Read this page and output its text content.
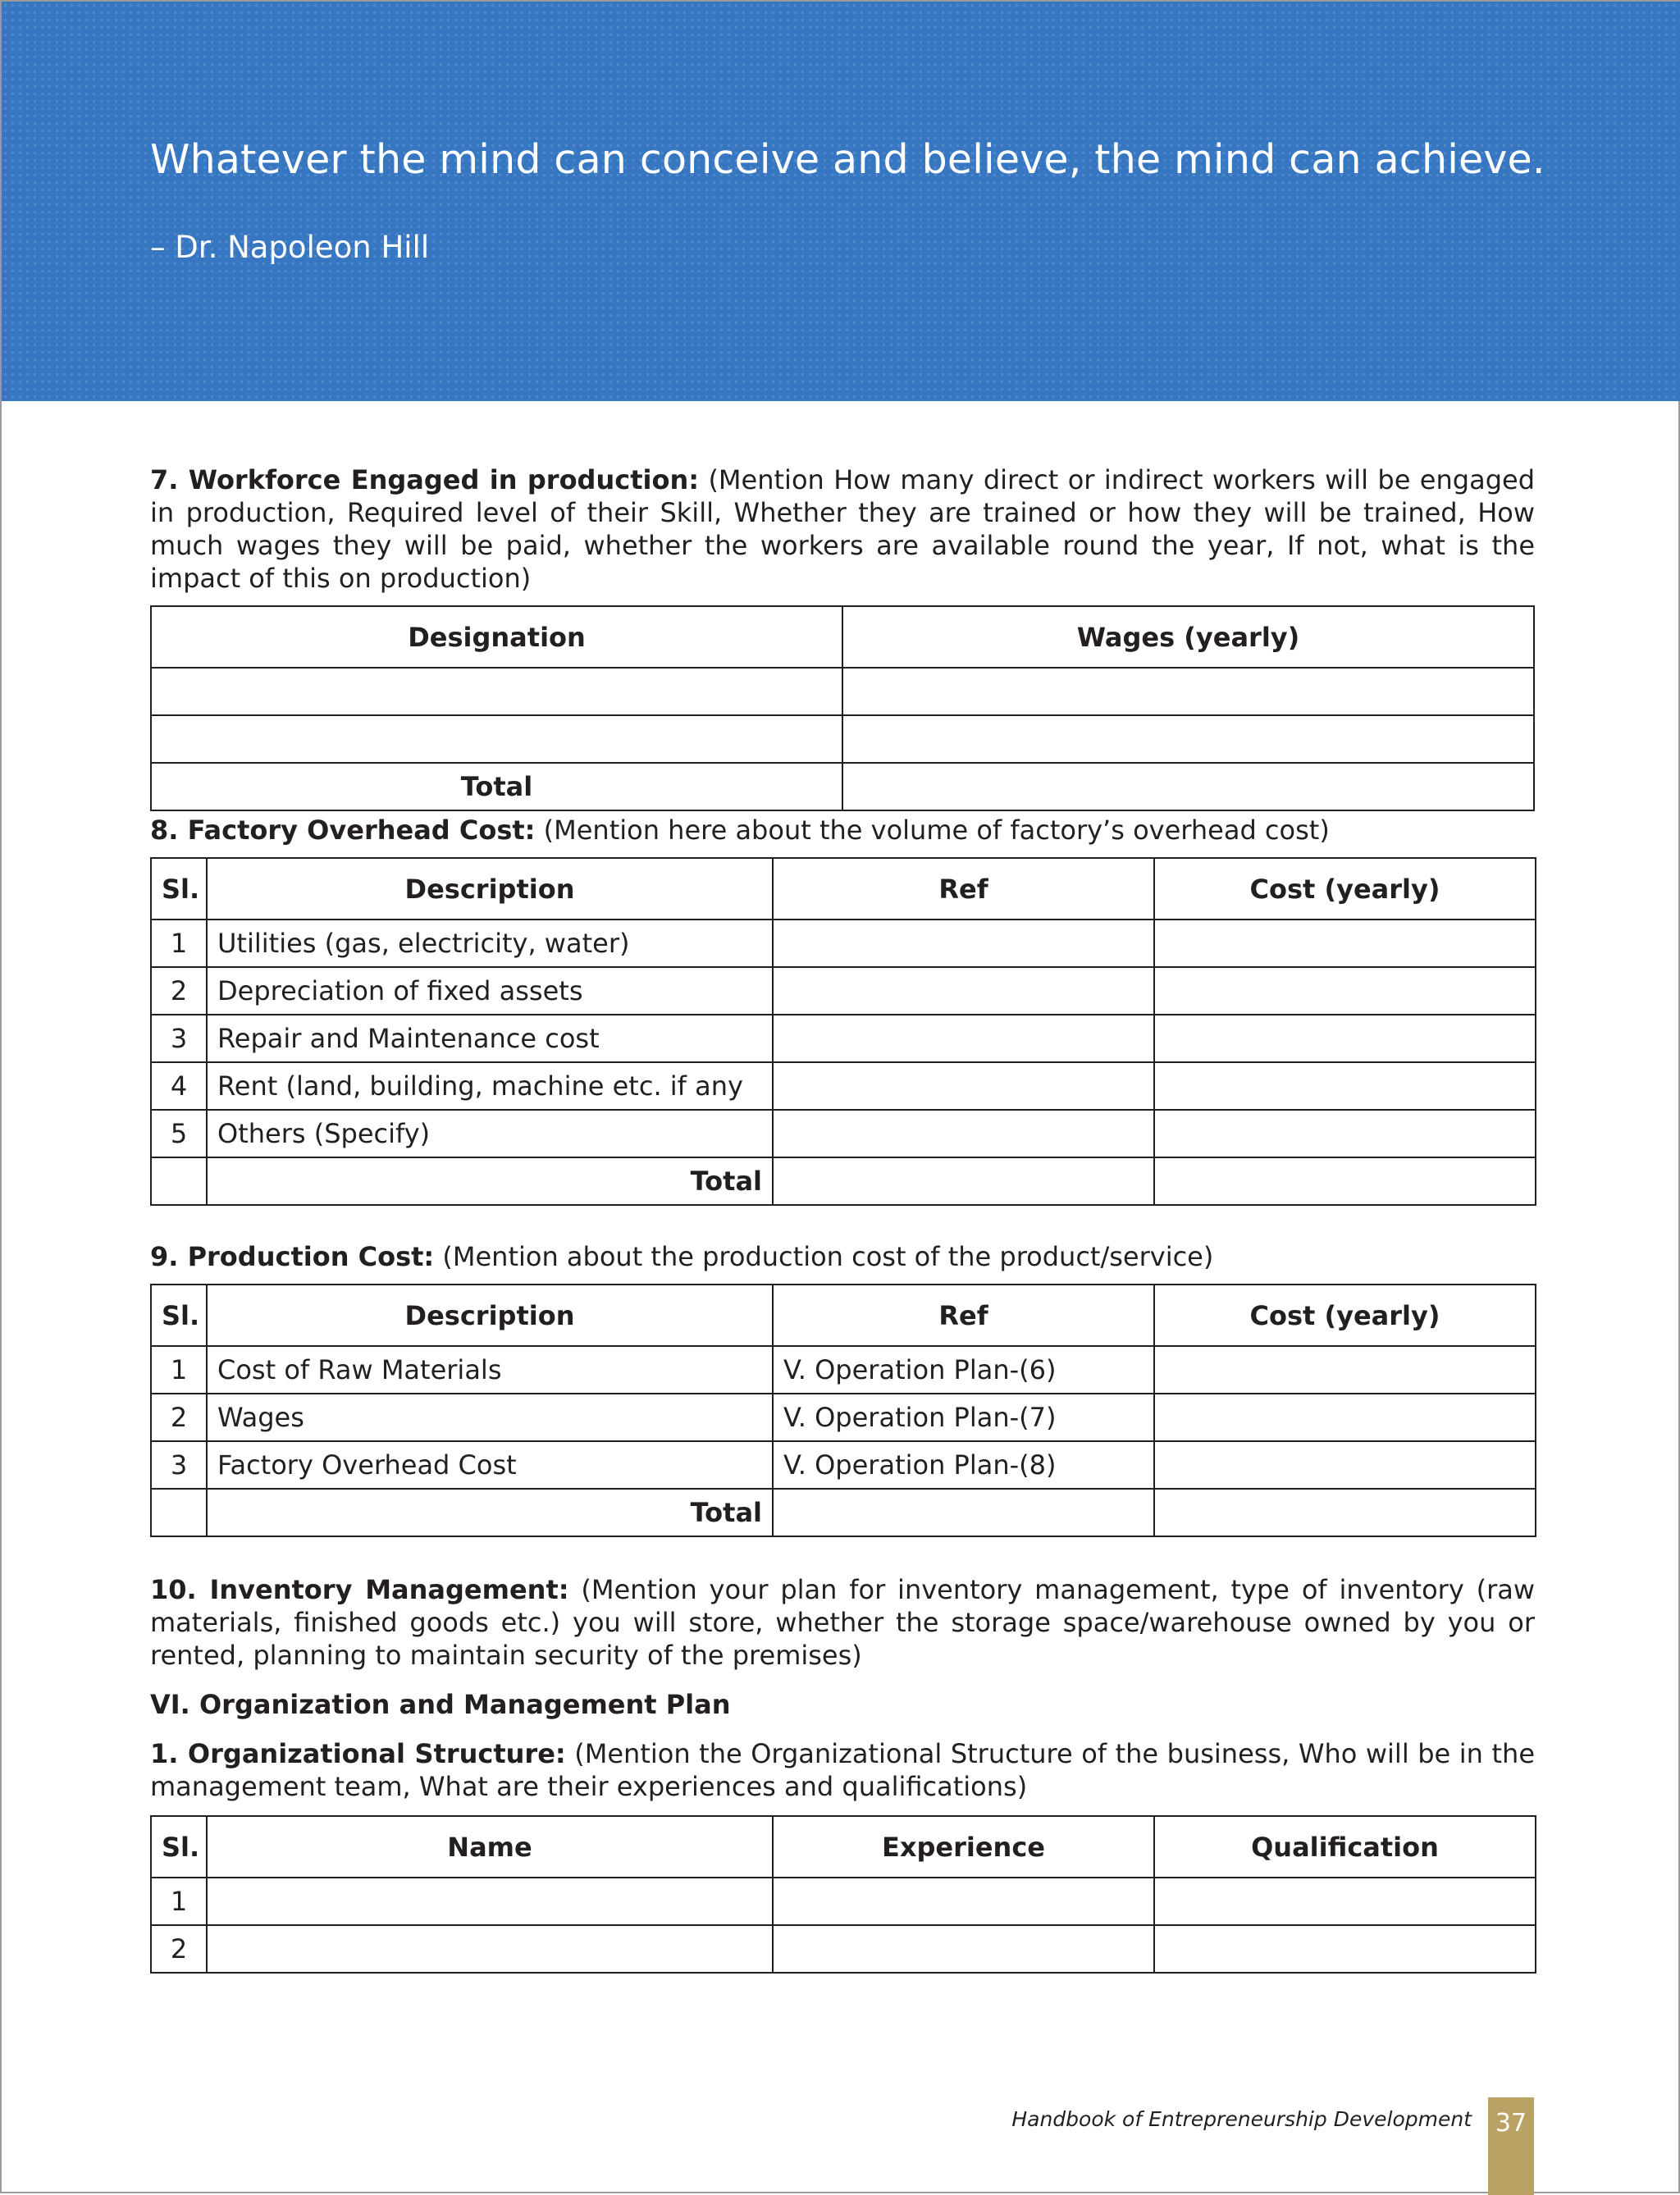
Whatever the mind can conceive and believe, the mind can achieve.

– Dr. Napoleon Hill

7. Workforce Engaged in production: (Mention How many direct or indirect workers will be engaged in production, Required level of their Skill, Whether they are trained or how they will be trained, How much wages they will be paid, whether the workers are available round the year, If not, what is the impact of this on production)

Designation	Wages (yearly)

Total	

8. Factory Overhead Cost: (Mention here about the volume of factory’s overhead cost)

Sl.	Description	Ref	Cost (yearly)
1	Utilities (gas, electricity, water)		
2	Depreciation of fixed assets		
3	Repair and Maintenance cost		
4	Rent (land, building, machine etc. if any		
5	Others (Specify)		
	Total		

9. Production Cost: (Mention about the production cost of the product/service)

Sl.	Description	Ref	Cost (yearly)
1	Cost of Raw Materials	V. Operation Plan-(6)	
2	Wages	V. Operation Plan-(7)	
3	Factory Overhead Cost	V. Operation Plan-(8)	
	Total		

10. Inventory Management: (Mention your plan for inventory management, type of inventory (raw materials, finished goods etc.) you will store, whether the storage space/warehouse owned by you or rented, planning to maintain security of the premises)

VI. Organization and Management Plan

1. Organizational Structure: (Mention the Organizational Structure of the business, Who will be in the management team, What are their experiences and qualifications)

Sl.	Name	Experience	Qualification
1			
2			
Handbook of Entrepreneurship Development 37
